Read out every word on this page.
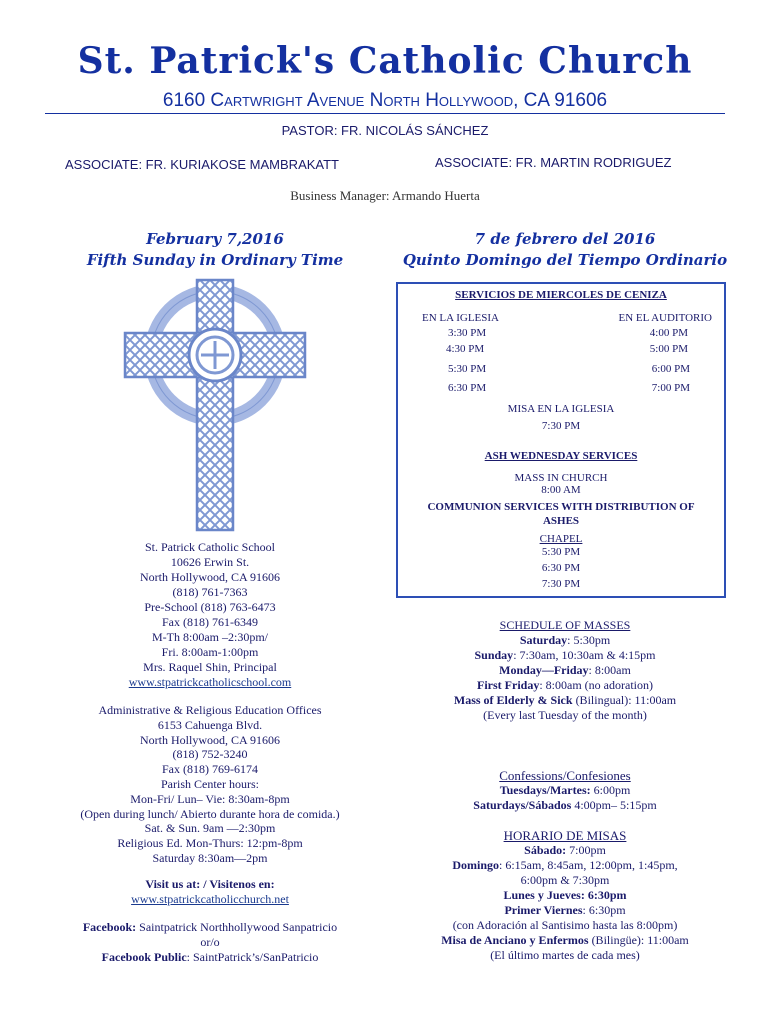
St. Patrick's Catholic Church
6160 Cartwright Avenue North Hollywood, CA 91606
PASTOR: FR. NICOLÁS SÁNCHEZ
ASSOCIATE: FR. KURIAKOSE MAMBRAKATT	ASSOCIATE: FR. MARTIN RODRIGUEZ
Business Manager: Armando Huerta
February 7,2016
Fifth Sunday in Ordinary Time
7 de febrero del 2016
Quinto Domingo del Tiempo Ordinario
St. Patrick Catholic School
10626 Erwin St.
North Hollywood, CA 91606
(818) 761-7363
Pre-School (818) 763-6473
Fax (818) 761-6349
M-Th 8:00am –2:30pm/
Fri. 8:00am-1:00pm
Mrs. Raquel Shin, Principal
www.stpatrickcatholicschool.com
Administrative & Religious Education Offices
6153 Cahuenga Blvd.
North Hollywood, CA 91606
(818) 752-3240
Fax (818) 769-6174
Parish Center hours:
Mon-Fri/ Lun– Vie: 8:30am-8pm
(Open during lunch/ Abierto durante hora de comida.)
Sat. & Sun. 9am —2:30pm
Religious Ed. Mon-Thurs: 12:pm-8pm
Saturday 8:30am—2pm
Visit us at: / Visitenos en:
www.stpatrickcatholicchurch.net
Facebook: Saintpatrick Northhollywood Sanpatricio
or/o
Facebook Public: SaintPatrick’s/SanPatricio
SERVICIOS DE MIERCOLES DE CENIZA
EN LA IGLESIA	EN EL AUDITORIO
3:30 PM
4:30 PM
5:30 PM
6:30 PM
4:00 PM
5:00 PM
6:00 PM
7:00 PM
MISA EN LA IGLESIA
7:30 PM
ASH WEDNESDAY SERVICES
MASS IN CHURCH
8:00 AM
COMMUNION SERVICES WITH DISTRIBUTION OF ASHES
CHAPEL
5:30 PM
6:30 PM
7:30 PM
SCHEDULE OF MASSES
Saturday: 5:30pm
Sunday: 7:30am, 10:30am & 4:15pm
Monday—Friday: 8:00am
First Friday: 8:00am (no adoration)
Mass of Elderly & Sick (Bilingual): 11:00am
(Every last Tuesday of the month)
Confessions/Confesiones
Tuesdays/Martes: 6:00pm
Saturdays/Sábados 4:00pm– 5:15pm
HORARIO DE MISAS
Sábado: 7:00pm
Domingo: 6:15am, 8:45am, 12:00pm, 1:45pm,
6:00pm & 7:30pm
Lunes y Jueves: 6:30pm
Primer Viernes: 6:30pm
(con Adoración al Santisimo hasta las 8:00pm)
Misa de Anciano y Enfermos (Bilingüe): 11:00am
(El último martes de cada mes)
